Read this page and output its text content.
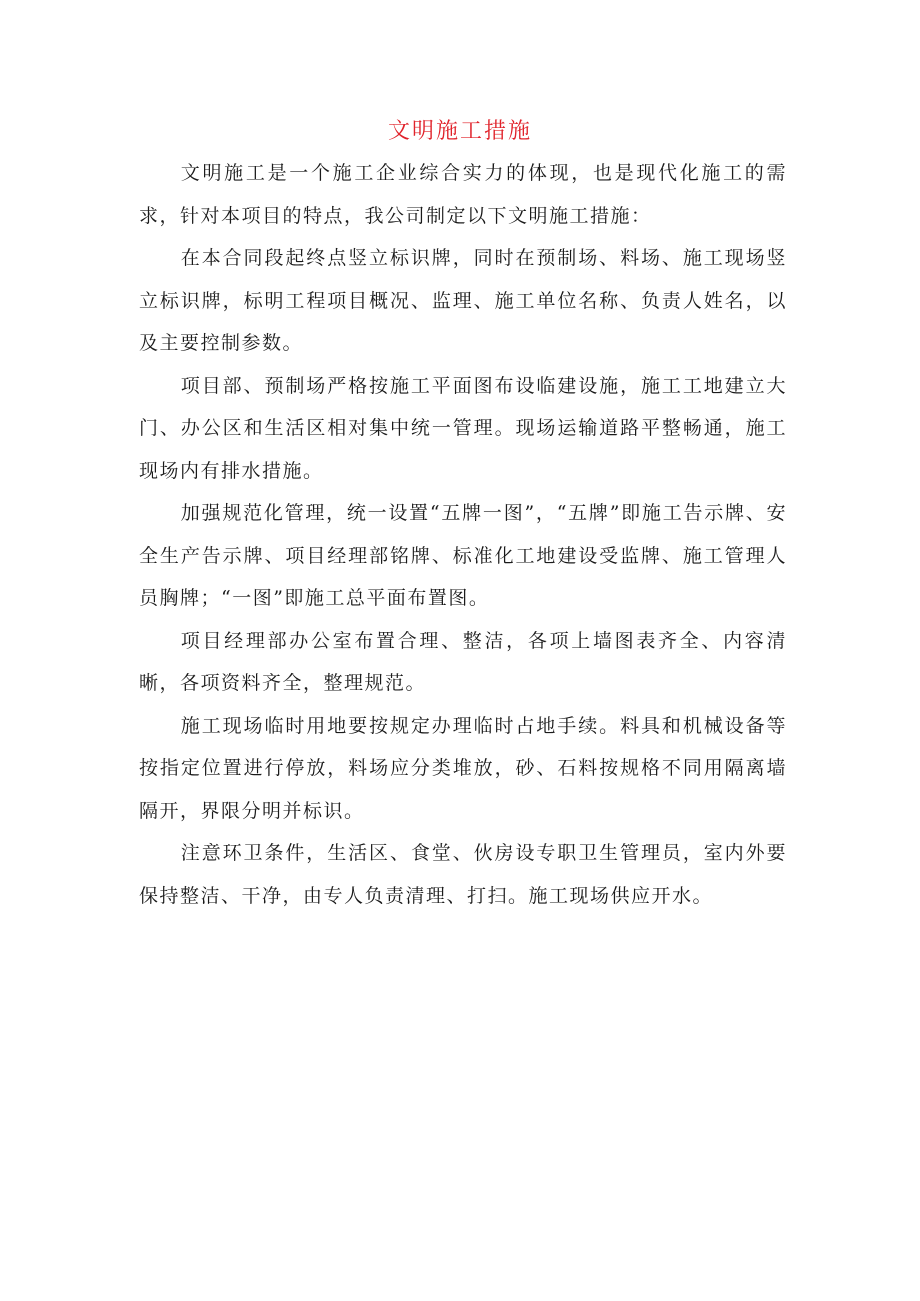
文明施工措施

文明施工是一个施工企业综合实力的体现，也是现代化施工的需求，针对本项目的特点，我公司制定以下文明施工措施：

在本合同段起终点竖立标识牌，同时在预制场、料场、施工现场竖立标识牌，标明工程项目概况、监理、施工单位名称、负责人姓名，以及主要控制参数。

项目部、预制场严格按施工平面图布设临建设施，施工工地建立大门、办公区和生活区相对集中统一管理。现场运输道路平整畅通，施工现场内有排水措施。

加强规范化管理，统一设置“五牌一图”，“五牌”即施工告示牌、安全生产告示牌、项目经理部铭牌、标准化工地建设受监牌、施工管理人员胸牌；“一图”即施工总平面布置图。

项目经理部办公室布置合理、整洁，各项上墙图表齐全、内容清晰，各项资料齐全，整理规范。

施工现场临时用地要按规定办理临时占地手续。料具和机械设备等按指定位置进行停放，料场应分类堆放，砂、石料按规格不同用隔离墙隔开，界限分明并标识。

注意环卫条件，生活区、食堂、伙房设专职卫生管理员，室内外要保持整洁、干净，由专人负责清理、打扫。施工现场供应开水。
